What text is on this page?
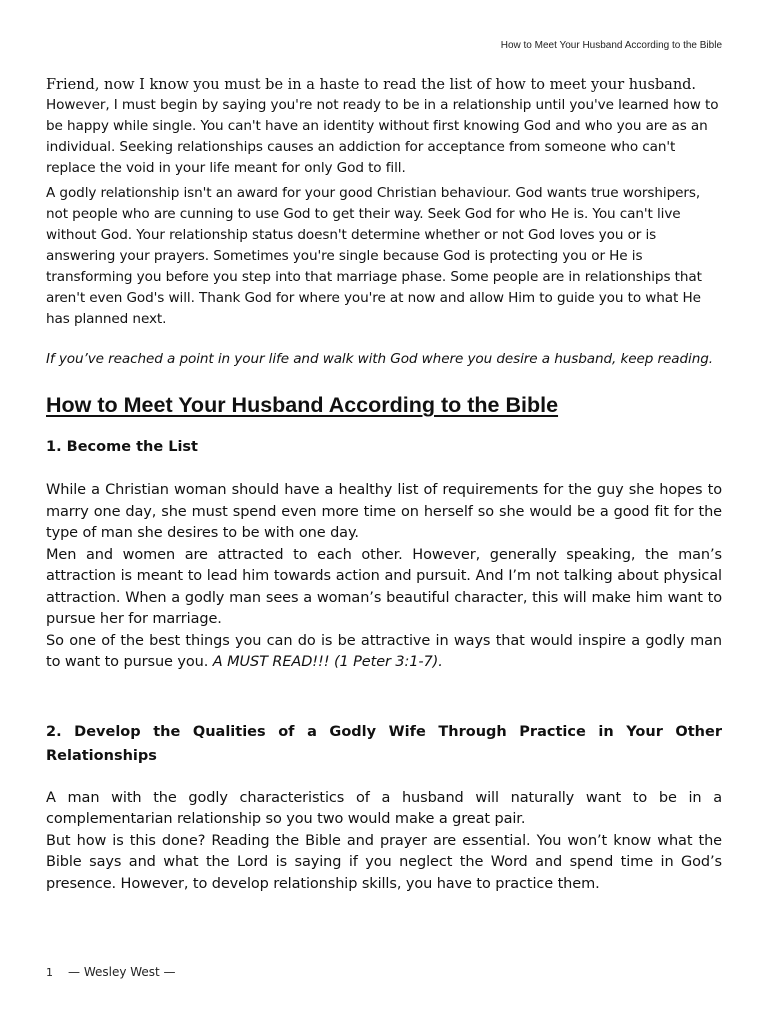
How to Meet Your Husband According to the Bible

Friend, now I know you must be in a haste to read the list of how to meet your husband.

However, I must begin by saying you're not ready to be in a relationship until you've learned how to be happy while single. You can't have an identity without first knowing God and who you are as an individual. Seeking relationships causes an addiction for acceptance from someone who can't replace the void in your life meant for only God to fill.

A godly relationship isn't an award for your good Christian behaviour. God wants true worshipers, not people who are cunning to use God to get their way. Seek God for who He is. You can't live without God. Your relationship status doesn't determine whether or not God loves you or is answering your prayers. Sometimes you're single because God is protecting you or He is transforming you before you step into that marriage phase. Some people are in relationships that aren't even God's will. Thank God for where you're at now and allow Him to guide you to what He has planned next.

If you’ve reached a point in your life and walk with God where you desire a husband, keep reading.

How to Meet Your Husband According to the Bible
1. Become the List

While a Christian woman should have a healthy list of requirements for the guy she hopes to marry one day, she must spend even more time on herself so she would be a good fit for the type of man she desires to be with one day.

Men and women are attracted to each other. However, generally speaking, the man’s attraction is meant to lead him towards action and pursuit. And I’m not talking about physical attraction. When a godly man sees a woman’s beautiful character, this will make him want to pursue her for marriage.

So one of the best things you can do is be attractive in ways that would inspire a godly man to want to pursue you. A MUST READ!!! (1 Peter 3:1-7).

2. Develop the Qualities of a Godly Wife Through Practice in Your Other Relationships

A man with the godly characteristics of a husband will naturally want to be in a complementarian relationship so you two would make a great pair.

But how is this done? Reading the Bible and prayer are essential. You won’t know what the Bible says and what the Lord is saying if you neglect the Word and spend time in God’s presence. However, to develop relationship skills, you have to practice them.

1 — Wesley West —
